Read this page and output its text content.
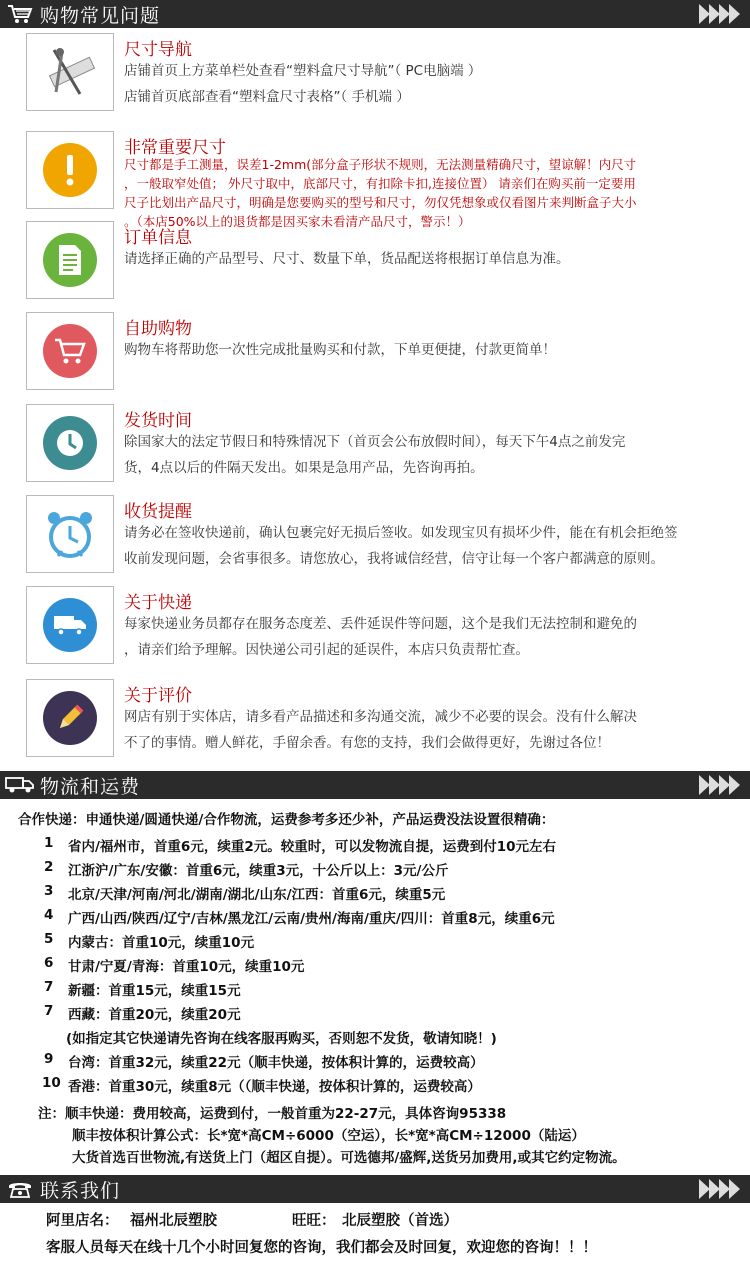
购物常见问题
尺寸导航
店铺首页上方菜单栏处查看“塑料盒尺寸导航”（ PC电脑端 ）
店铺首页底部查看“塑料盒尺寸表格”（ 手机端 ）
非常重要尺寸
尺寸都是手工测量，误差1-2mm(部分盒子形状不规则，无法测量精确尺寸，望谅解！内尺寸
，一般取窄处值； 外尺寸取中，底部尺寸，有扣除卡扣,连接位置） 请亲们在购买前一定要用
尺子比划出产品尺寸，明确是您要购买的型号和尺寸，勿仅凭想象或仅看图片来判断盒子大小
。（本店50%以上的退货都是因买家未看清产品尺寸，警示！）
订单信息
请选择正确的产品型号、尺寸、数量下单，货品配送将根据订单信息为准。
自助购物
购物车将帮助您一次性完成批量购买和付款，下单更便捷，付款更简单！
发货时间
除国家大的法定节假日和特殊情况下（首页会公布放假时间），每天下午4点之前发完
货，4点以后的件隔天发出。如果是急用产品，先咨询再拍。
收货提醒
请务必在签收快递前，确认包裹完好无损后签收。如发现宝贝有损坏少件，能在有机会拒绝签
收前发现问题，会省事很多。请您放心，我将诚信经营，信守让每一个客户都满意的原则。
关于快递
每家快递业务员都存在服务态度差、丢件延误件等问题，这个是我们无法控制和避免的
，请亲们给予理解。因快递公司引起的延误件，本店只负责帮忙查。
关于评价
网店有别于实体店，请多看产品描述和多沟通交流，减少不必要的误会。没有什么解决
不了的事情。赠人鲜花，手留余香。有您的支持，我们会做得更好，先谢过各位！
物流和运费
合作快递：申通快递/圆通快递/合作物流，运费参考多还少补，产品运费没法设置很精确：
1 省内/福州市，首重6元，续重2元。较重时，可以发物流自提，运费到付10元左右
2 江浙沪/广东/安徽：首重6元，续重3元，十公斤以上：3元/公斤
3 北京/天津/河南/河北/湖南/湖北/山东/江西：首重6元，续重5元
4 广西/山西/陕西/辽宁/吉林/黑龙江/云南/贵州/海南/重庆/四川：首重8元，续重6元
5 内蒙古：首重10元，续重10元
6 甘肃/宁夏/青海：首重10元，续重10元
7 新疆：首重15元，续重15元
7 西藏：首重20元，续重20元
(如指定其它快递请先咨询在线客服再购买，否则恕不发货，敬请知晓！)
9 台湾：首重32元，续重22元（顺丰快递，按体积计算的，运费较高）
10 香港：首重30元，续重8元（（顺丰快递，按体积计算的，运费较高）
注：顺丰快递：费用较高，运费到付，一般首重为22-27元，具体咨询95338
顺丰按体积计算公式：长*宽*高CM÷6000（空运），长*宽*高CM÷12000（陆运）
大货首选百世物流,有送货上门（超区自提）。可选德邦/盛辉,送货另加费用,或其它约定物流。
联系我们
阿里店名： 福州北辰塑胶	旺旺： 北辰塑胶（首选）
客服人员每天在线十几个小时回复您的咨询，我们都会及时回复，欢迎您的咨询！！！
